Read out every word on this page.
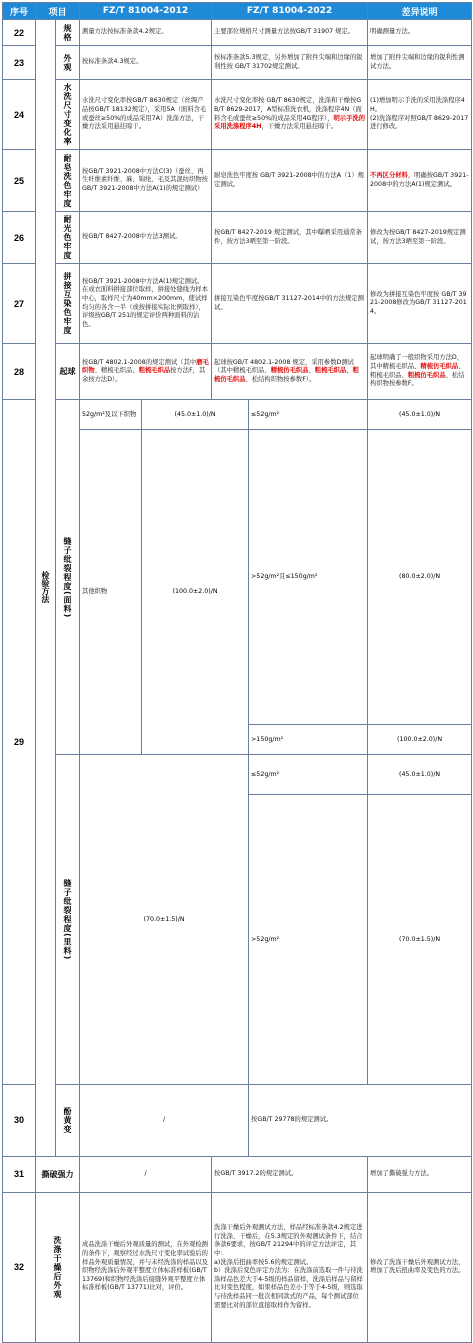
序号	项目		FZ/T 81004-2012		FZ/T 81004-2022		差异说明	
22	检验方法	规格	测量方法按标准条款4.2规定。		主要部位规格尺寸测量方法按GB/T 31907 规定。		明确测量方法。	
23		外观	按标准条款4.3规定。		按标准条款5.3规定，另外增加了附件尖端和边缘的锐利性按 GB/T 31702规定测试。		增加了附件尖端和边缘的锐利性测试方法。	
24		水洗尺寸变化率	水洗尺寸变化率按GB/T 8630规定（丝绸产品按GB/T 18132规定），采用5A（面料含毛或蚕丝≥50%的成品采用7A）洗涤方法，干燥方法采用悬挂晾干。		水洗尺寸变化率按 GB/T 8630规定，洗涤和干燥按GB/T 8629-2017，A型标准洗衣机，洗涤程序4N（面料含毛或蚕丝≥50%的成品采用4G程序），明示手洗的采用洗涤程序4H，干燥方法采用悬挂晾干。		(1)增加明示手洗的采用洗涤程序4H。
(2)洗涤程序对照GB/T 8629-2017进行修改。	
25		耐皂洗色牢度	按GB/T 3921-2008中方法C(3)（蚕丝、再生纤维素纤维、麻、锦纶、毛及其混纺织物按GB/T 3921-2008中方法A(1)的规定测试）		耐皂洗色牢度按 GB/T 3921-2008中的方法A（1）规定测试。		不再区分材料，明确按GB/T 3921-2008中的方法A(1)规定测试。	
26		耐光色牢度	按GB/T 8427-2008中方法3测试。		按GB/T 8427-2019 规定测试，其中曝晒采用通常条件，按方法3晒至第一阶段。		修改为按GB/T 8427-2019规定测试，按方法3晒至第一阶段。	
27		拼接互染色牢度	按GB/T 3921-2008中方法A(1)规定测试。在成衣面料拼接部位取样，拼接处缝线为样本中心，取样尺寸为40mm×200mm，使试样均匀的各含一半（或按拼接实际比例取样），评级按GB/T 251的规定评价两种面料的沾色。		拼接互染色牢度按GB/T 31127-2014中的方法规定测试。		修改为拼接互染色牢度按 GB/T 3921-2008修改为GB/T 31127-2014。	
28		起球	按GB/T 4802.1-2008的规定测试（其中磨毛织物、精梳毛织品、粗梳毛织品按方法F，其余按方法D）。		起球按GB/T 4802.1-2008 规定，采用参数D测试（其中精梳毛织品、精梳仿毛织品、粗梳毛织品、粗梳仿毛织品、松结构织物按参数F）。		起球明确了一般织物采用方法D，其中精梳毛织品、精梳仿毛织品、粗梳毛织品、粗梳仿毛织品、松结构织物按参数F。	
29		缝子纰裂程度(面料)	52g/m²及以下织物	(45.0±1.0)/N		≤52g/m²	(45.0±1.0)/N	

			其他织物	(100.0±2.0)/N		>52g/m²且≤150g/m²	(80.0±2.0)/N	
						>150g/m²	(100.0±2.0)/N	
		缝子纰裂程度(里料)	(70.0±1.5)/N			≤52g/m²	(45.0±1.0)/N	

						>52g/m²	(70.0±1.5)/N	

30		酚黄变	/			按GB/T 29778的规定测试。	
31	撕破强力		/		按GB/T 3917.2的规定测试。		增加了撕破强力方法。	
32	洗涤干燥后外观		成品洗涤干燥后外观质量的测试，在外观检测的条件下，观察经过水洗尺寸变化率试验后的样品外观质量情况，并与未经洗涤的样品以及织物经洗涤后外观平整度立体标准样板(GB/T 13769)和织物经洗涤后接缝外观平整度立体标准样板(GB/T 13771)比对，评价。		洗涤干燥后外观测试方法，样品经标准条款4.2规定进行洗涤、干燥后，在5.3规定的外观测试条件下，结合条款6要求，按GB/T 21294中的评定方法评定，其中：
a)洗涤后扭曲率按5.6的规定测试。
b）洗涤后变色评定方法为：在洗涤前选取一件与待洗涤样品色差大于4-5级的样品留样，洗涤后样品与留样比对变色程度，如果样品色差小于等于4-5级，则选取与待洗样品同一批次相同款式的产品，每个测试部位需要比对的部位直接取样作为留样。		修改了洗涤干燥后外观测试方法，增加了洗后扭曲率及变色的方法。	
